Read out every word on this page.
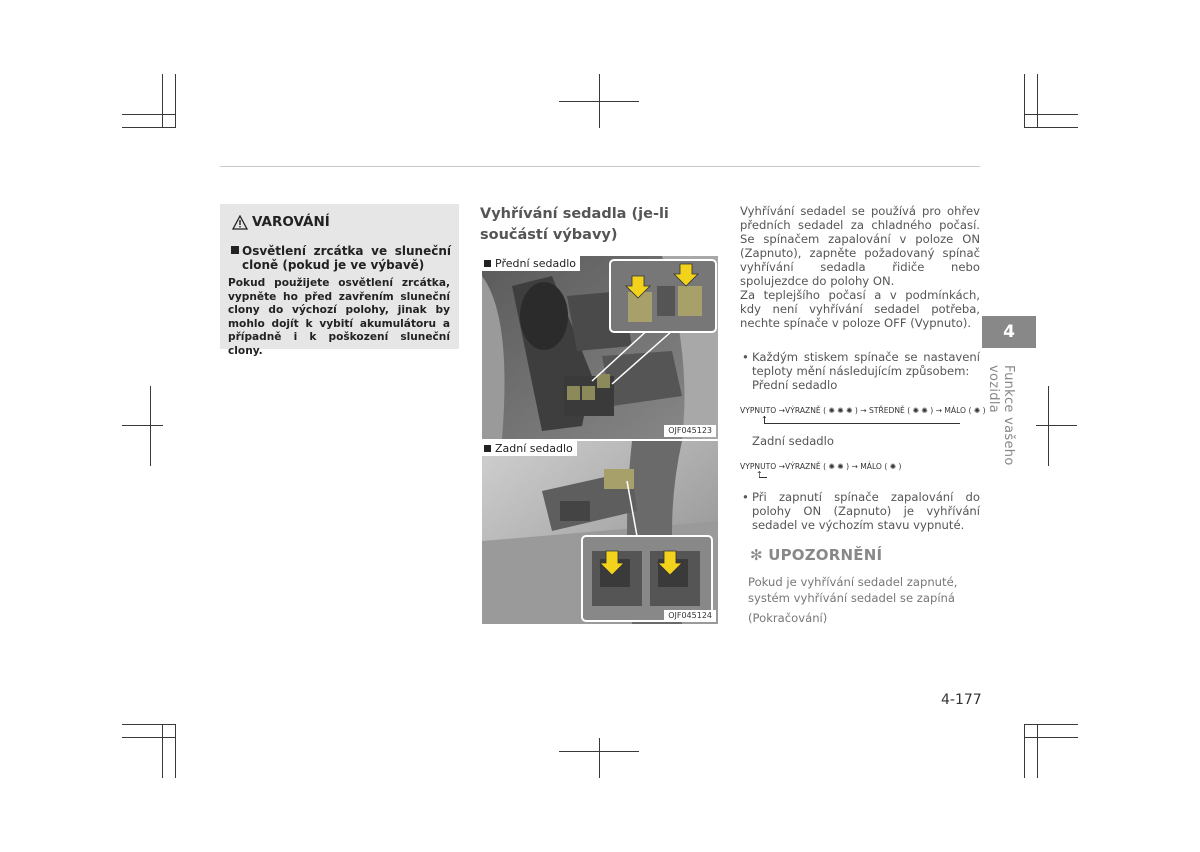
VAROVÁNÍ
Osvětlení zrcátka ve sluneční cloně (pokud je ve výbavě)
Pokud použijete osvětlení zrcátka, vypněte ho před zavřením sluneční clony do výchozí polohy, jinak by mohlo dojít k vybití akumulátoru a případně i k poškození sluneční clony.
Vyhřívání sedadla (je-li součástí výbavy)
Přední sedadlo
OJF045123
Zadní sedadlo
OJF045124
Vyhřívání sedadel se používá pro ohřev předních sedadel za chladného počasí. Se spínačem zapalování v poloze ON (Zapnuto), zapněte požadovaný spínač vyhřívání sedadla řidiče nebo spolujezdce do polohy ON.
Za teplejšího počasí a v podmínkách, kdy není vyhřívání sedadel potřeba, nechte spínače v poloze OFF (Vypnuto).
• Každým stiskem spínače se nastavení teploty mění následujícím způsobem:
Přední sedadlo
VYPNUTO →VÝRAZNĚ ( ✺ ✺ ✺ ) → STŘEDNĚ ( ✺ ✺ ) → MÁLO ( ✺ )
↑
Zadní sedadlo
VYPNUTO →VÝRAZNĚ ( ✺ ✺ ) → MÁLO ( ✺ )
↑
• Při zapnutí spínače zapalování do polohy ON (Zapnuto) je vyhřívání sedadel ve výchozím stavu vypnuté.
✻ UPOZORNĚNÍ
Pokud je vyhřívání sedadel zapnuté, systém vyhřívání sedadel se zapíná
(Pokračování)
4
Funkce vašeho vozidla
4-177
